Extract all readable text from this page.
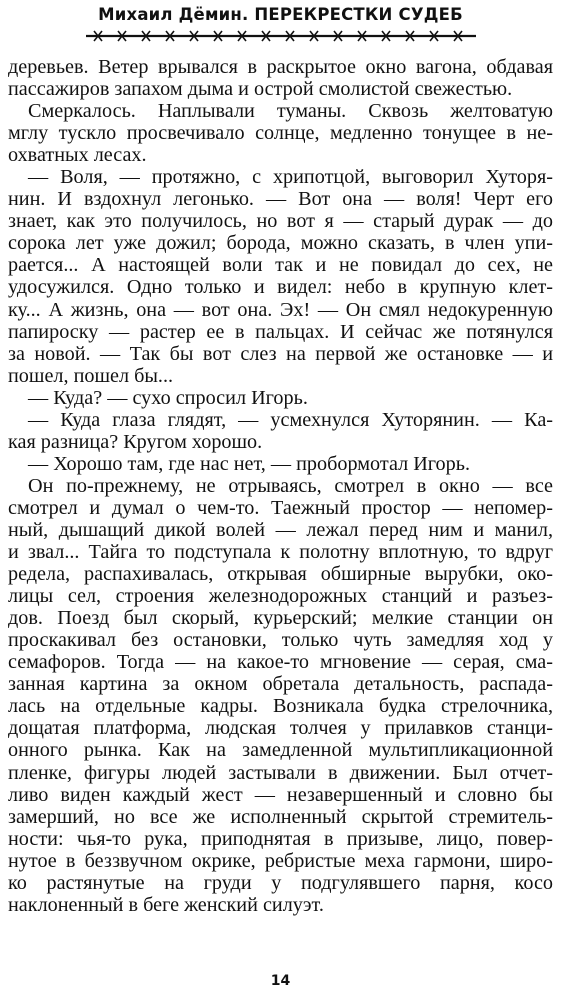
Михаил Дёмин. ПЕРЕКРЕСТКИ СУДЕБ
деревьев. Ветер врывался в раскрытое окно вагона, обдавая
пассажиров запахом дыма и острой смолистой свежестью.
Смеркалось. Наплывали туманы. Сквозь желтоватую
мглу тускло просвечивало солнце, медленно тонущее в не-
охватных лесах.
— Воля, — протяжно, с хрипотцой, выговорил Хуторя-
нин. И вздохнул легонько. — Вот она — воля! Черт его
знает, как это получилось, но вот я — старый дурак — до
сорока лет уже дожил; борода, можно сказать, в член упи-
рается... А настоящей воли так и не повидал до сех, не
удосужился. Одно только и видел: небо в крупную клет-
ку... А жизнь, она — вот она. Эх! — Он смял недокуренную
папироску — растер ее в пальцах. И сейчас же потянулся
за новой. — Так бы вот слез на первой же остановке — и
пошел, пошел бы...
— Куда? — сухо спросил Игорь.
— Куда глаза глядят, — усмехнулся Хуторянин. — Ка-
кая разница? Кругом хорошо.
— Хорошо там, где нас нет, — пробормотал Игорь.
Он по-прежнему, не отрываясь, смотрел в окно — все
смотрел и думал о чем-то. Таежный простор — непомер-
ный, дышащий дикой волей — лежал перед ним и манил,
и звал... Тайга то подступала к полотну вплотную, то вдруг
редела, распахивалась, открывая обширные вырубки, око-
лицы сел, строения железнодорожных станций и разъез-
дов. Поезд был скорый, курьерский; мелкие станции он
проскакивал без остановки, только чуть замедляя ход у
семафоров. Тогда — на какое-то мгновение — серая, сма-
занная картина за окном обретала детальность, распада-
лась на отдельные кадры. Возникала будка стрелочника,
дощатая платформа, людская толчея у прилавков станци-
онного рынка. Как на замедленной мультипликационной
пленке, фигуры людей застывали в движении. Был отчет-
ливо виден каждый жест — незавершенный и словно бы
замерший, но все же исполненный скрытой стремитель-
ности: чья-то рука, приподнятая в призыве, лицо, повер-
нутое в беззвучном окрике, ребристые меха гармони, широ-
ко растянутые на груди у подгулявшего парня, косо
наклоненный в беге женский силуэт.
14
